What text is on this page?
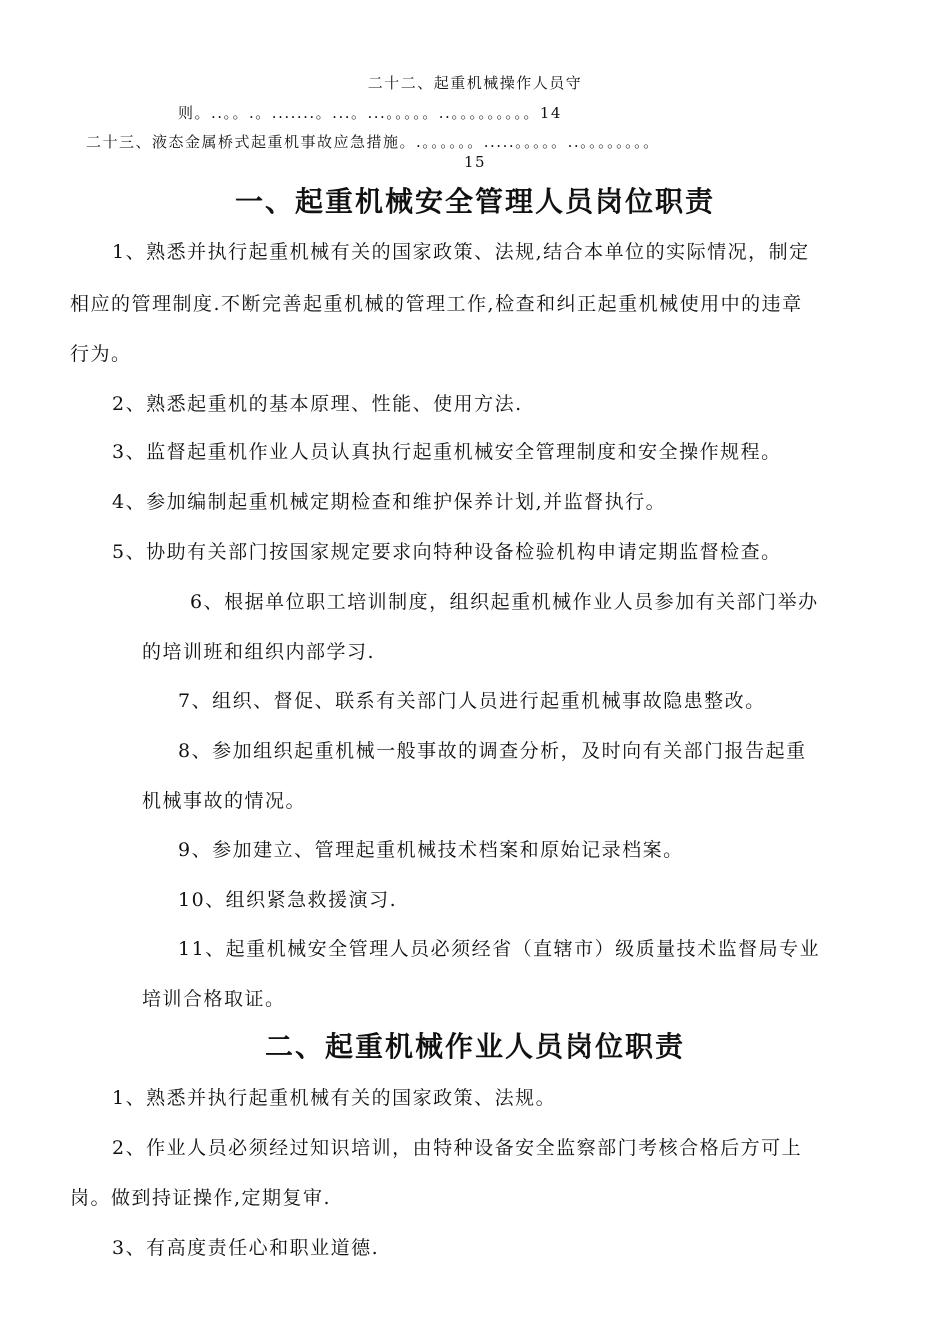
二十二、起重机械操作人员守
则。..。。.。.......。...。...。。。。。..。。。。。。。。。14
二十三、液态金属桥式起重机事故应急措施。.。。。。。。.....。。。。。..。。。。。。。。
15
一、起重机械安全管理人员岗位职责
1、熟悉并执行起重机械有关的国家政策、法规,结合本单位的实际情况，制定
相应的管理制度.不断完善起重机械的管理工作,检查和纠正起重机械使用中的违章
行为。
2、熟悉起重机的基本原理、性能、使用方法.
3、监督起重机作业人员认真执行起重机械安全管理制度和安全操作规程。
4、参加编制起重机械定期检查和维护保养计划,并监督执行。
5、协助有关部门按国家规定要求向特种设备检验机构申请定期监督检查。
6、根据单位职工培训制度，组织起重机械作业人员参加有关部门举办
的培训班和组织内部学习.
7、组织、督促、联系有关部门人员进行起重机械事故隐患整改。
8、参加组织起重机械一般事故的调查分析，及时向有关部门报告起重
机械事故的情况。
9、参加建立、管理起重机械技术档案和原始记录档案。
10、组织紧急救援演习.
11、起重机械安全管理人员必须经省（直辖市）级质量技术监督局专业
培训合格取证。
二、起重机械作业人员岗位职责
1、熟悉并执行起重机械有关的国家政策、法规。
2、作业人员必须经过知识培训，由特种设备安全监察部门考核合格后方可上
岗。做到持证操作,定期复审.
3、有高度责任心和职业道德.
